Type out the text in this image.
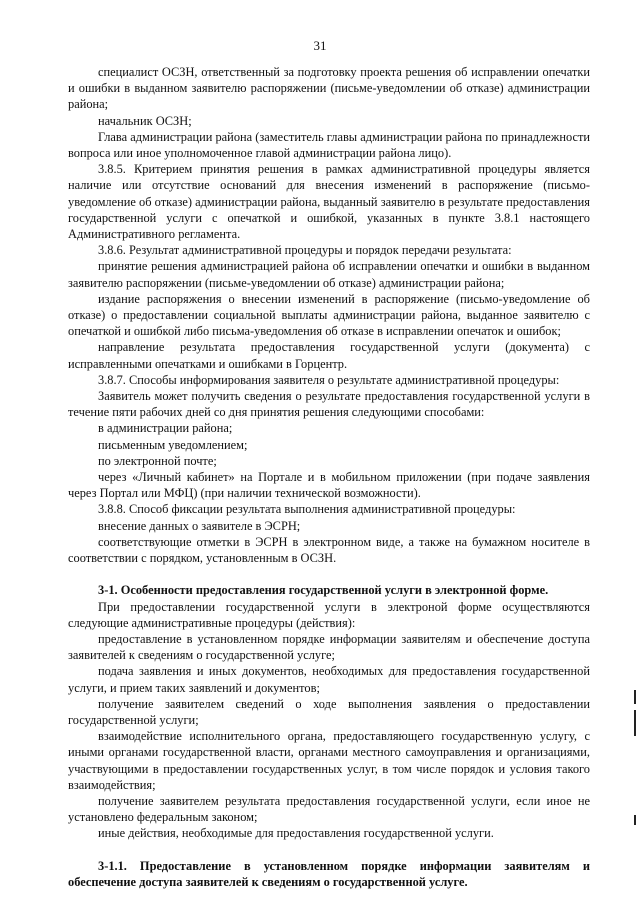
31

специалист ОСЗН, ответственный за подготовку проекта решения об исправлении опечатки и ошибки в выданном заявителю распоряжении (письме-уведомлении об отказе) администрации района;

начальник ОСЗН;

Глава администрации района (заместитель главы администрации района по принадлежности вопроса или иное уполномоченное главой администрации района лицо).

3.8.5. Критерием принятия решения в рамках административной процедуры является наличие или отсутствие оснований для внесения изменений в распоряжение (письмо-уведомление об отказе) администрации района, выданный заявителю в результате предоставления государственной услуги с опечаткой и ошибкой, указанных в пункте 3.8.1 настоящего Административного регламента.

3.8.6. Результат административной процедуры и порядок передачи результата:

принятие решения администрацией района об исправлении опечатки и ошибки в выданном заявителю распоряжении (письме-уведомлении об отказе) администрации района;

издание распоряжения о внесении изменений в распоряжение (письмо-уведомление об отказе) о предоставлении социальной выплаты администрации района, выданное заявителю с опечаткой и ошибкой либо письма-уведомления об отказе в исправлении опечаток и ошибок;

направление результата предоставления государственной услуги (документа) с исправленными опечатками и ошибками в Горцентр.

3.8.7. Способы информирования заявителя о результате административной процедуры:

Заявитель может получить сведения о результате предоставления государственной услуги в течение пяти рабочих дней со дня принятия решения следующими способами:

в администрации района;

письменным уведомлением;

по электронной почте;

через «Личный кабинет» на Портале и в мобильном приложении (при подаче заявления через Портал или МФЦ) (при наличии технической возможности).

3.8.8. Способ фиксации результата выполнения административной процедуры:

внесение данных о заявителе в ЭСРН;

соответствующие отметки в ЭСРН в электронном виде, а также на бумажном носителе в соответствии с порядком, установленным в ОСЗН.

3-1. Особенности предоставления государственной услуги в электронной форме.

При предоставлении государственной услуги в электроной форме осуществляются следующие административные процедуры (действия):

предоставление в установленном порядке информации заявителям и обеспечение доступа заявителей к сведениям о государственной услуге;

подача заявления и иных документов, необходимых для предоставления государственной услуги, и прием таких заявлений и документов;

получение заявителем сведений о ходе выполнения заявления о предоставлении государственной услуги;

взаимодействие исполнительного органа, предоставляющего государственную услугу, с иными органами государственной власти, органами местного самоуправления и организациями, участвующими в предоставлении государственных услуг, в том числе порядок и условия такого взаимодействия;

получение заявителем результата предоставления государственной услуги, если иное не установлено федеральным законом;

иные действия, необходимые для предоставления государственной услуги.

3-1.1. Предоставление в установленном порядке информации заявителям и обеспечение доступа заявителей к сведениям о государственной услуге.
